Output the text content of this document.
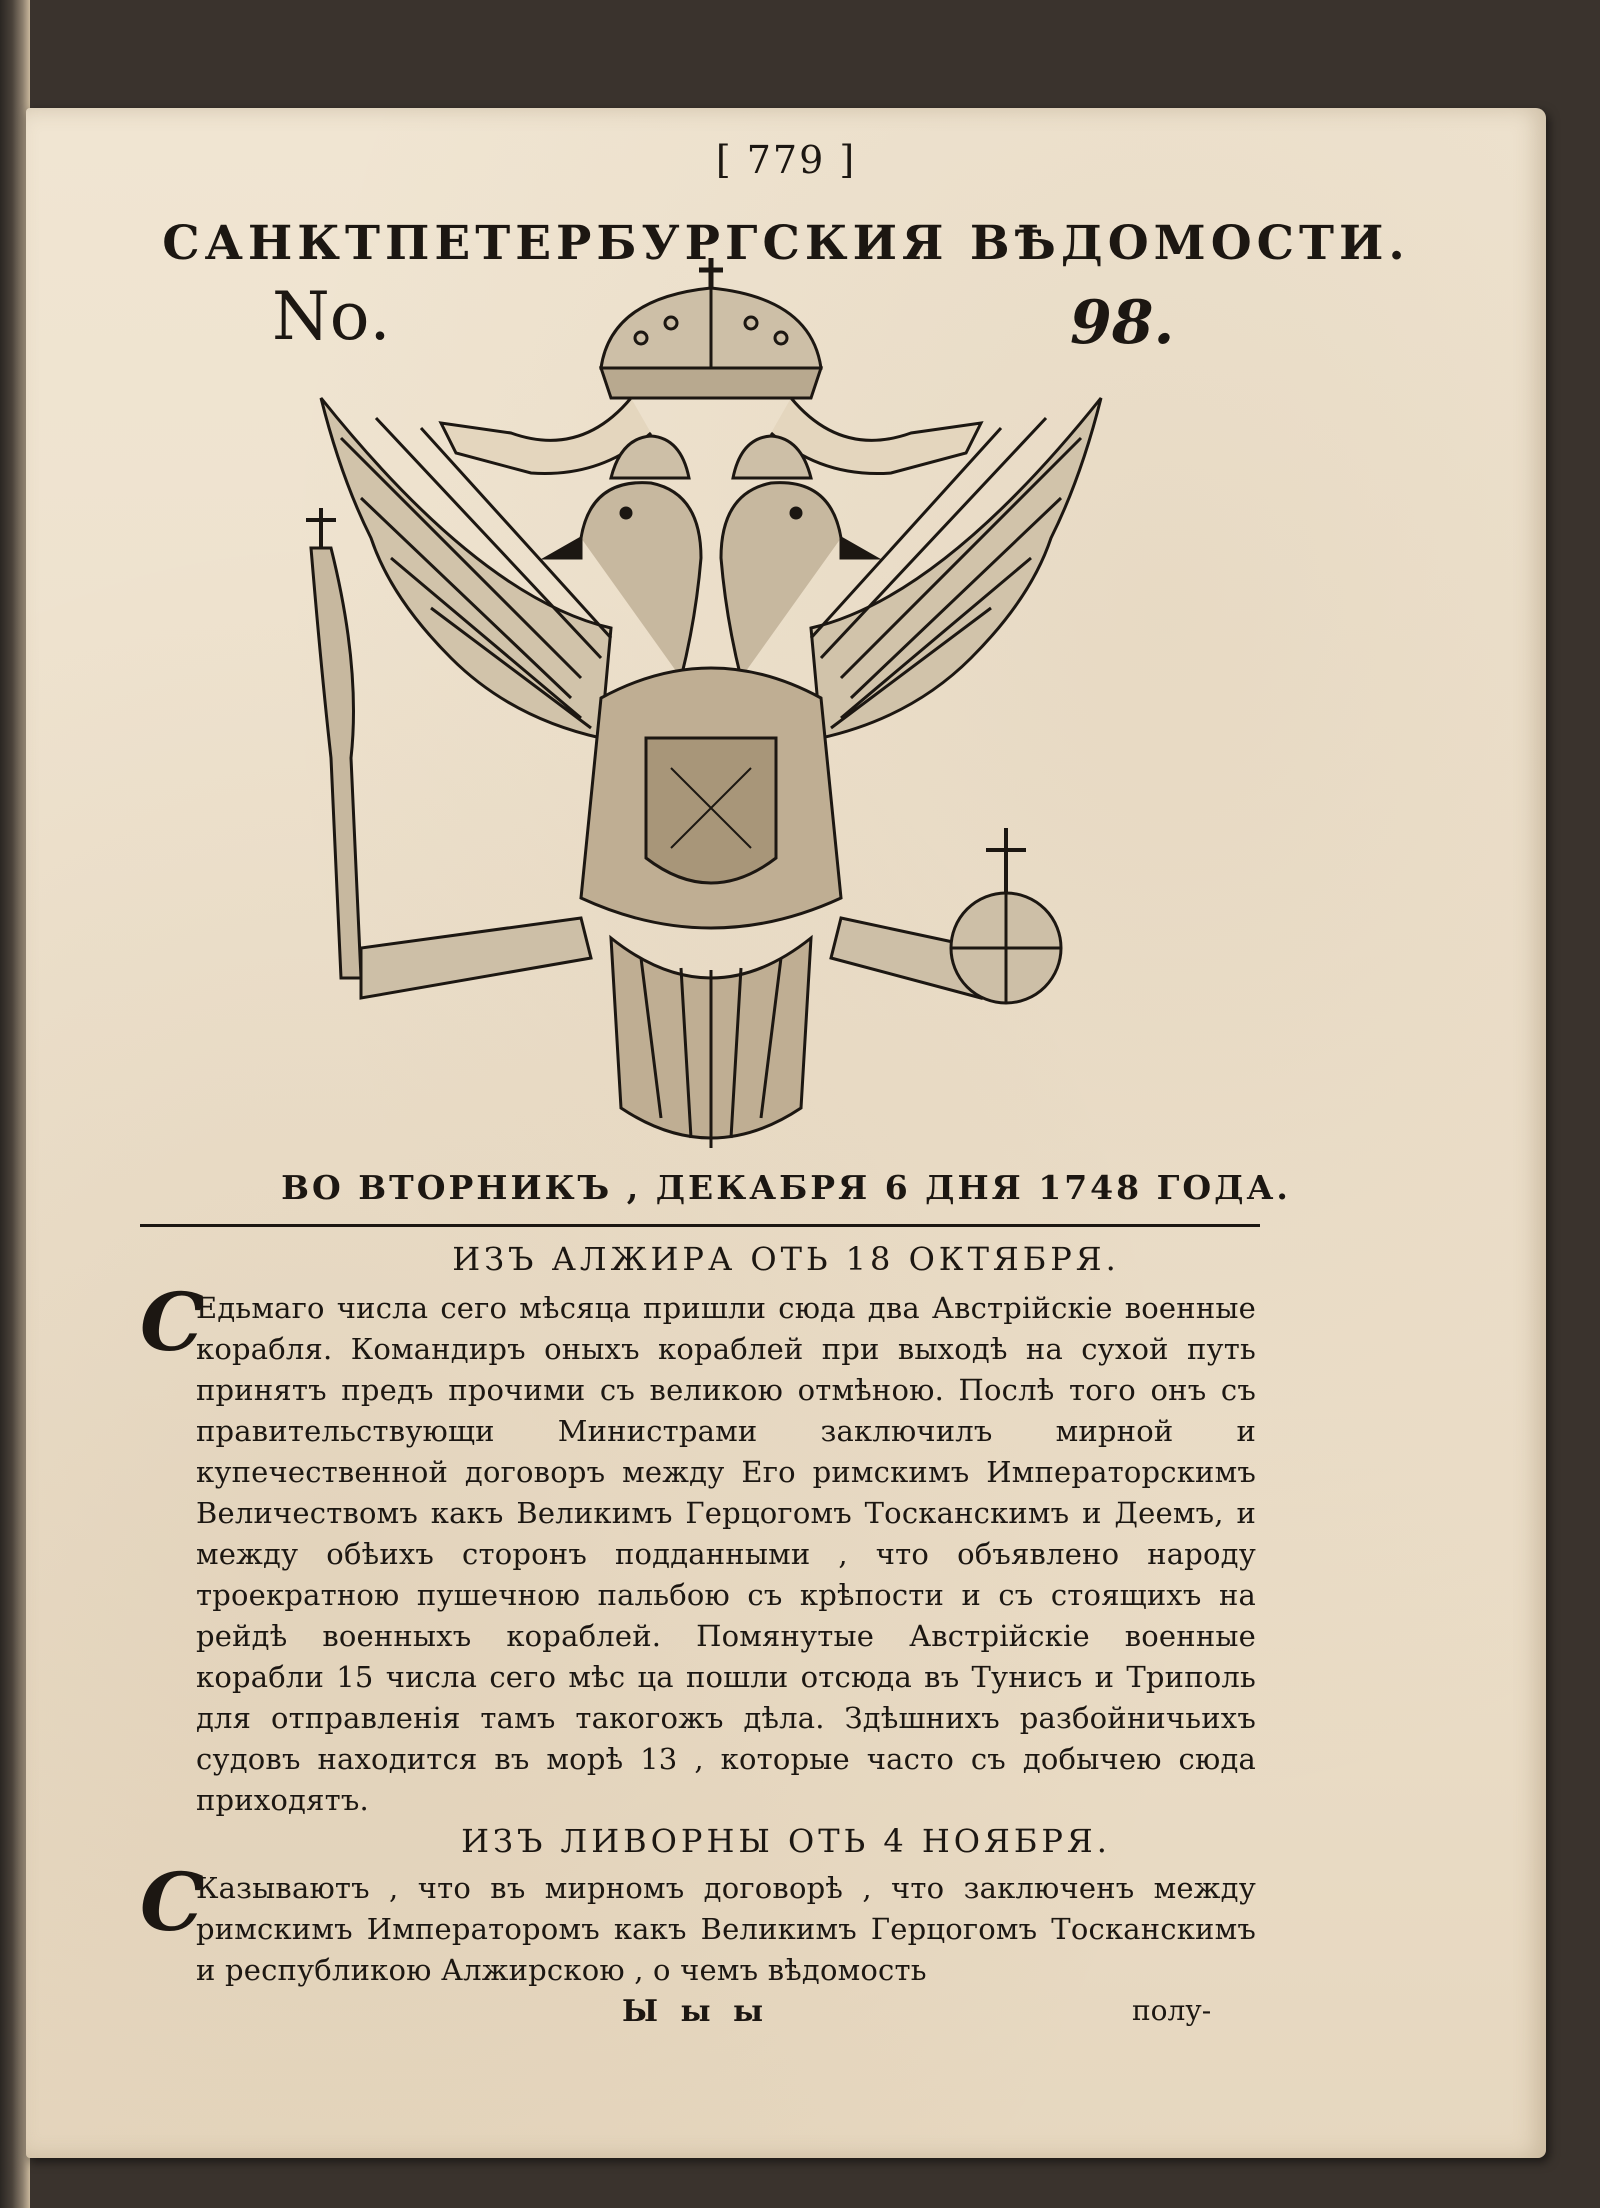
[ 779 ]
САНКТПЕТЕРБУРГСКИЯ ВѢДОМОСТИ.
Nо.	98.
ВО ВТОРНИКЪ , ДЕКАБРЯ 6 ДНЯ 1748 ГОДА.
ИЗЪ АЛЖИРА ОТЬ 18 ОКТЯБРЯ.
С
Едьмаго числа сего мѣсяца пришли сюда два Австрiйскiе военные корабля. Командиръ оныхъ кораблей при выходѣ на сухой путь принятъ предъ прочими съ великою отмѣною. Послѣ того онъ съ правительствующи Министрами заключилъ мирной и купечественной договоръ между Его римскимъ Императорскимъ Величествомъ какъ Великимъ Герцогомъ Тосканскимъ и Деемъ, и между обѣихъ сторонъ подданными , что объявлено народу троекратною пушечною пальбою съ крѣпости и съ стоящихъ на рейдѣ военныхъ кораблей. Помянутые Австрiйскiе военные корабли 15 числа сего мѣс ца пошли отсюда въ Тунисъ и Триполь для отправленiя тамъ такогожъ дѣла. Здѣшнихъ разбойничьихъ судовъ находится въ морѣ 13 , которые часто съ добычею сюда приходятъ.
ИЗЪ ЛИВОРНЫ ОТЬ 4 НОЯБРЯ.
С
Казываютъ , что въ мирномъ договорѣ , что заключенъ между римскимъ Императоромъ какъ Великимъ Герцогомъ Тосканскимъ и республикою Алжирскою , о чемъ вѣдомость
Ы ы ы	полу-
